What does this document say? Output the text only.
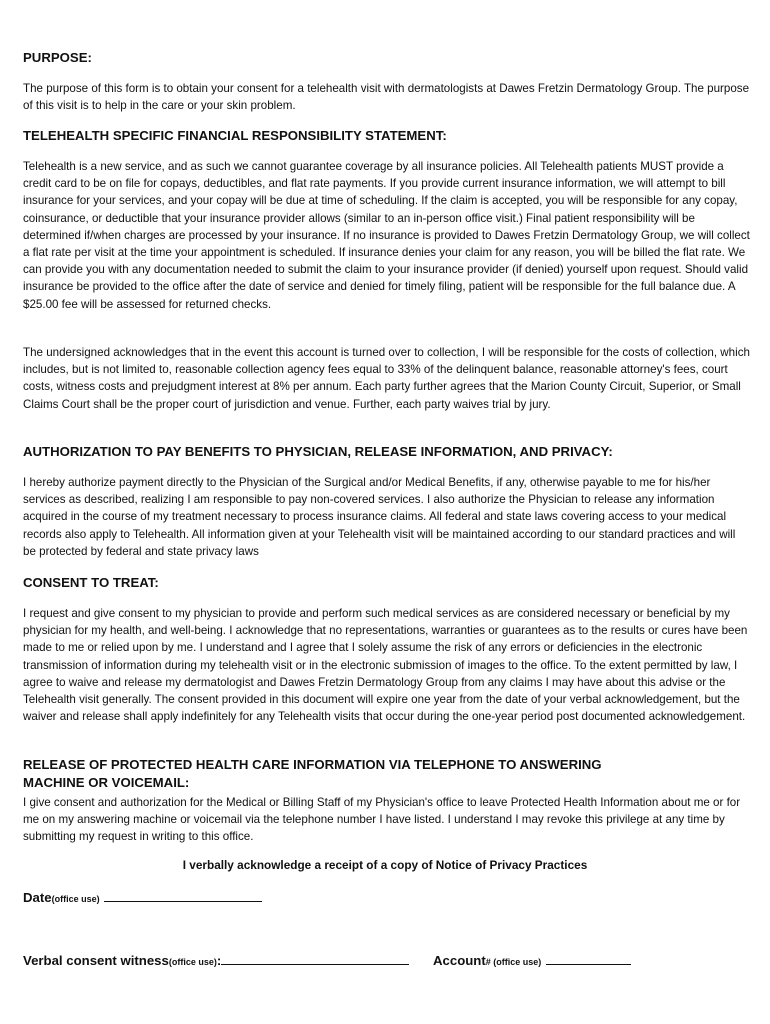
PURPOSE:

The purpose of this form is to obtain your consent for a telehealth visit with dermatologists at Dawes Fretzin Dermatology Group. The purpose of this visit is to help in the care or your skin problem.

TELEHEALTH SPECIFIC FINANCIAL RESPONSIBILITY STATEMENT:

Telehealth is a new service, and as such we cannot guarantee coverage by all insurance policies. All Telehealth patients MUST provide a credit card to be on file for copays, deductibles, and flat rate payments. If you provide current insurance information, we will attempt to bill insurance for your services, and your copay will be due at time of scheduling. If the claim is accepted, you will be responsible for any copay, coinsurance, or deductible that your insurance provider allows (similar to an in-person office visit.) Final patient responsibility will be determined if/when charges are processed by your insurance. If no insurance is provided to Dawes Fretzin Dermatology Group, we will collect a flat rate per visit at the time your appointment is scheduled. If insurance denies your claim for any reason, you will be billed the flat rate. We can provide you with any documentation needed to submit the claim to your insurance provider (if denied) yourself upon request. Should valid insurance be provided to the office after the date of service and denied for timely filing, patient will be responsible for the full balance due. A $25.00 fee will be assessed for returned checks.

The undersigned acknowledges that in the event this account is turned over to collection, I will be responsible for the costs of collection, which includes, but is not limited to, reasonable collection agency fees equal to 33% of the delinquent balance, reasonable attorney's fees, court costs, witness costs and prejudgment interest at 8% per annum. Each party further agrees that the Marion County Circuit, Superior, or Small Claims Court shall be the proper court of jurisdiction and venue. Further, each party waives trial by jury.

AUTHORIZATION TO PAY BENEFITS TO PHYSICIAN, RELEASE INFORMATION, AND PRIVACY:

I hereby authorize payment directly to the Physician of the Surgical and/or Medical Benefits, if any, otherwise payable to me for his/her services as described, realizing I am responsible to pay non-covered services. I also authorize the Physician to release any information acquired in the course of my treatment necessary to process insurance claims. All federal and state laws covering access to your medical records also apply to Telehealth. All information given at your Telehealth visit will be maintained according to our standard practices and will be protected by federal and state privacy laws

CONSENT TO TREAT:

I request and give consent to my physician to provide and perform such medical services as are considered necessary or beneficial by my physician for my health, and well-being. I acknowledge that no representations, warranties or guarantees as to the results or cures have been made to me or relied upon by me. I understand and I agree that I solely assume the risk of any errors or deficiencies in the electronic transmission of information during my telehealth visit or in the electronic submission of images to the office. To the extent permitted by law, I agree to waive and release my dermatologist and Dawes Fretzin Dermatology Group from any claims I may have about this advise or the Telehealth visit generally. The consent provided in this document will expire one year from the date of your verbal acknowledgement, but the waiver and release shall apply indefinitely for any Telehealth visits that occur during the one-year period post documented acknowledgement.

RELEASE OF PROTECTED HEALTH CARE INFORMATION VIA TELEPHONE TO ANSWERING MACHINE OR VOICEMAIL:

I give consent and authorization for the Medical or Billing Staff of my Physician's office to leave Protected Health Information about me or for me on my answering machine or voicemail via the telephone number I have listed. I understand I may revoke this privilege at any time by submitting my request in writing to this office.

I verbally acknowledge a receipt of a copy of Notice of Privacy Practices
Date(office use)
Verbal consent witness(office use):	Account# (office use)
